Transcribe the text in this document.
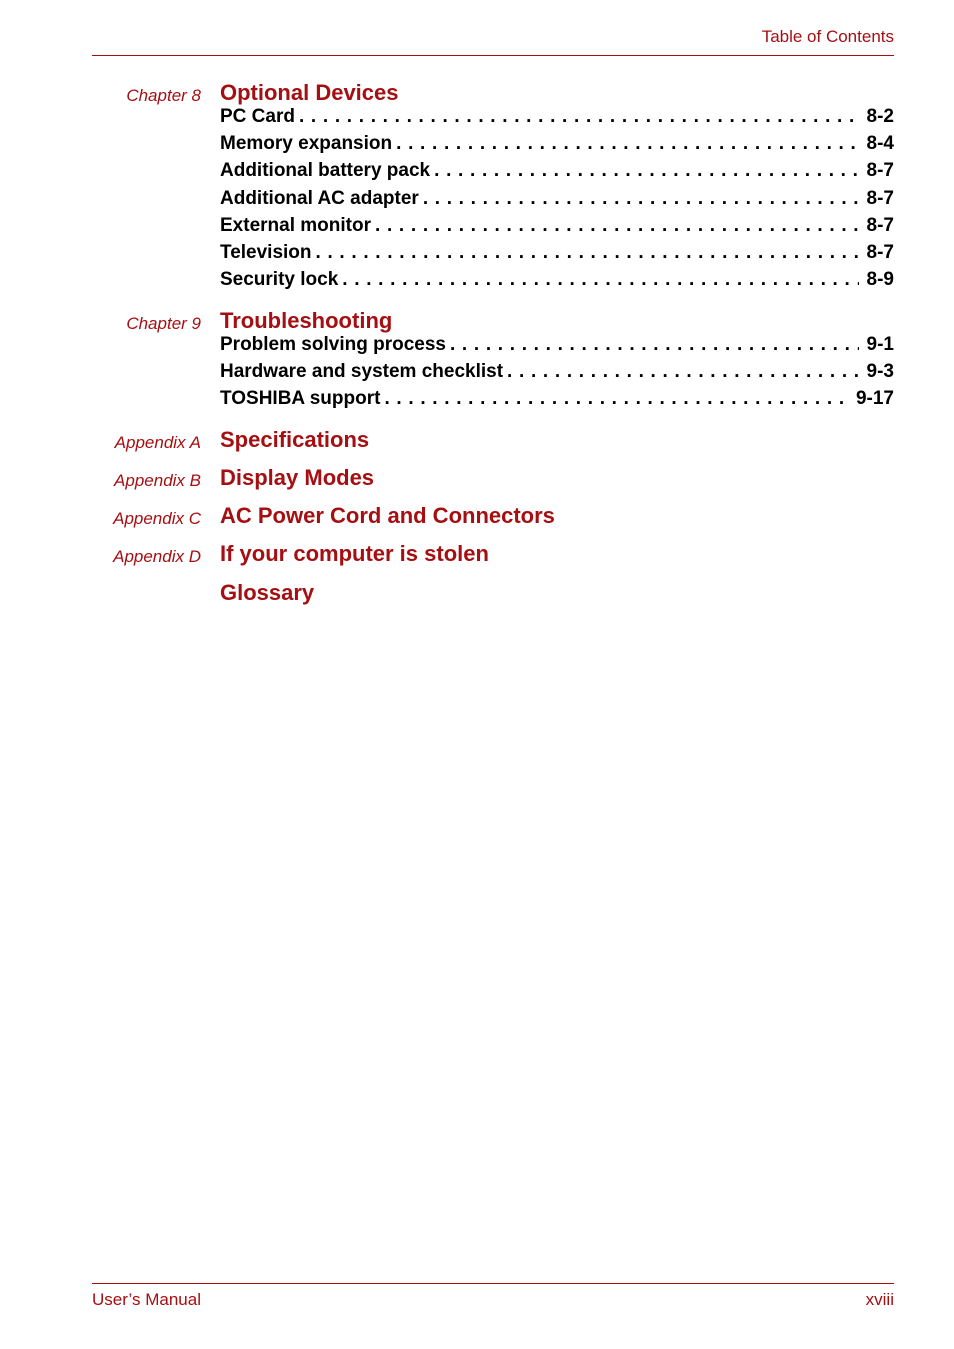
Table of Contents
Chapter 8 Optional Devices
PC Card . . .	8-2
Memory expansion . . .	8-4
Additional battery pack . . .	8-7
Additional AC adapter . . .	8-7
External monitor . . .	8-7
Television . . .	8-7
Security lock . . .	8-9
Chapter 9 Troubleshooting
Problem solving process . . .	9-1
Hardware and system checklist . . .	9-3
TOSHIBA support . . .	9-17
Appendix A Specifications
Appendix B Display Modes
Appendix C AC Power Cord and Connectors
Appendix D If your computer is stolen
Glossary
User’s Manual	xviii
